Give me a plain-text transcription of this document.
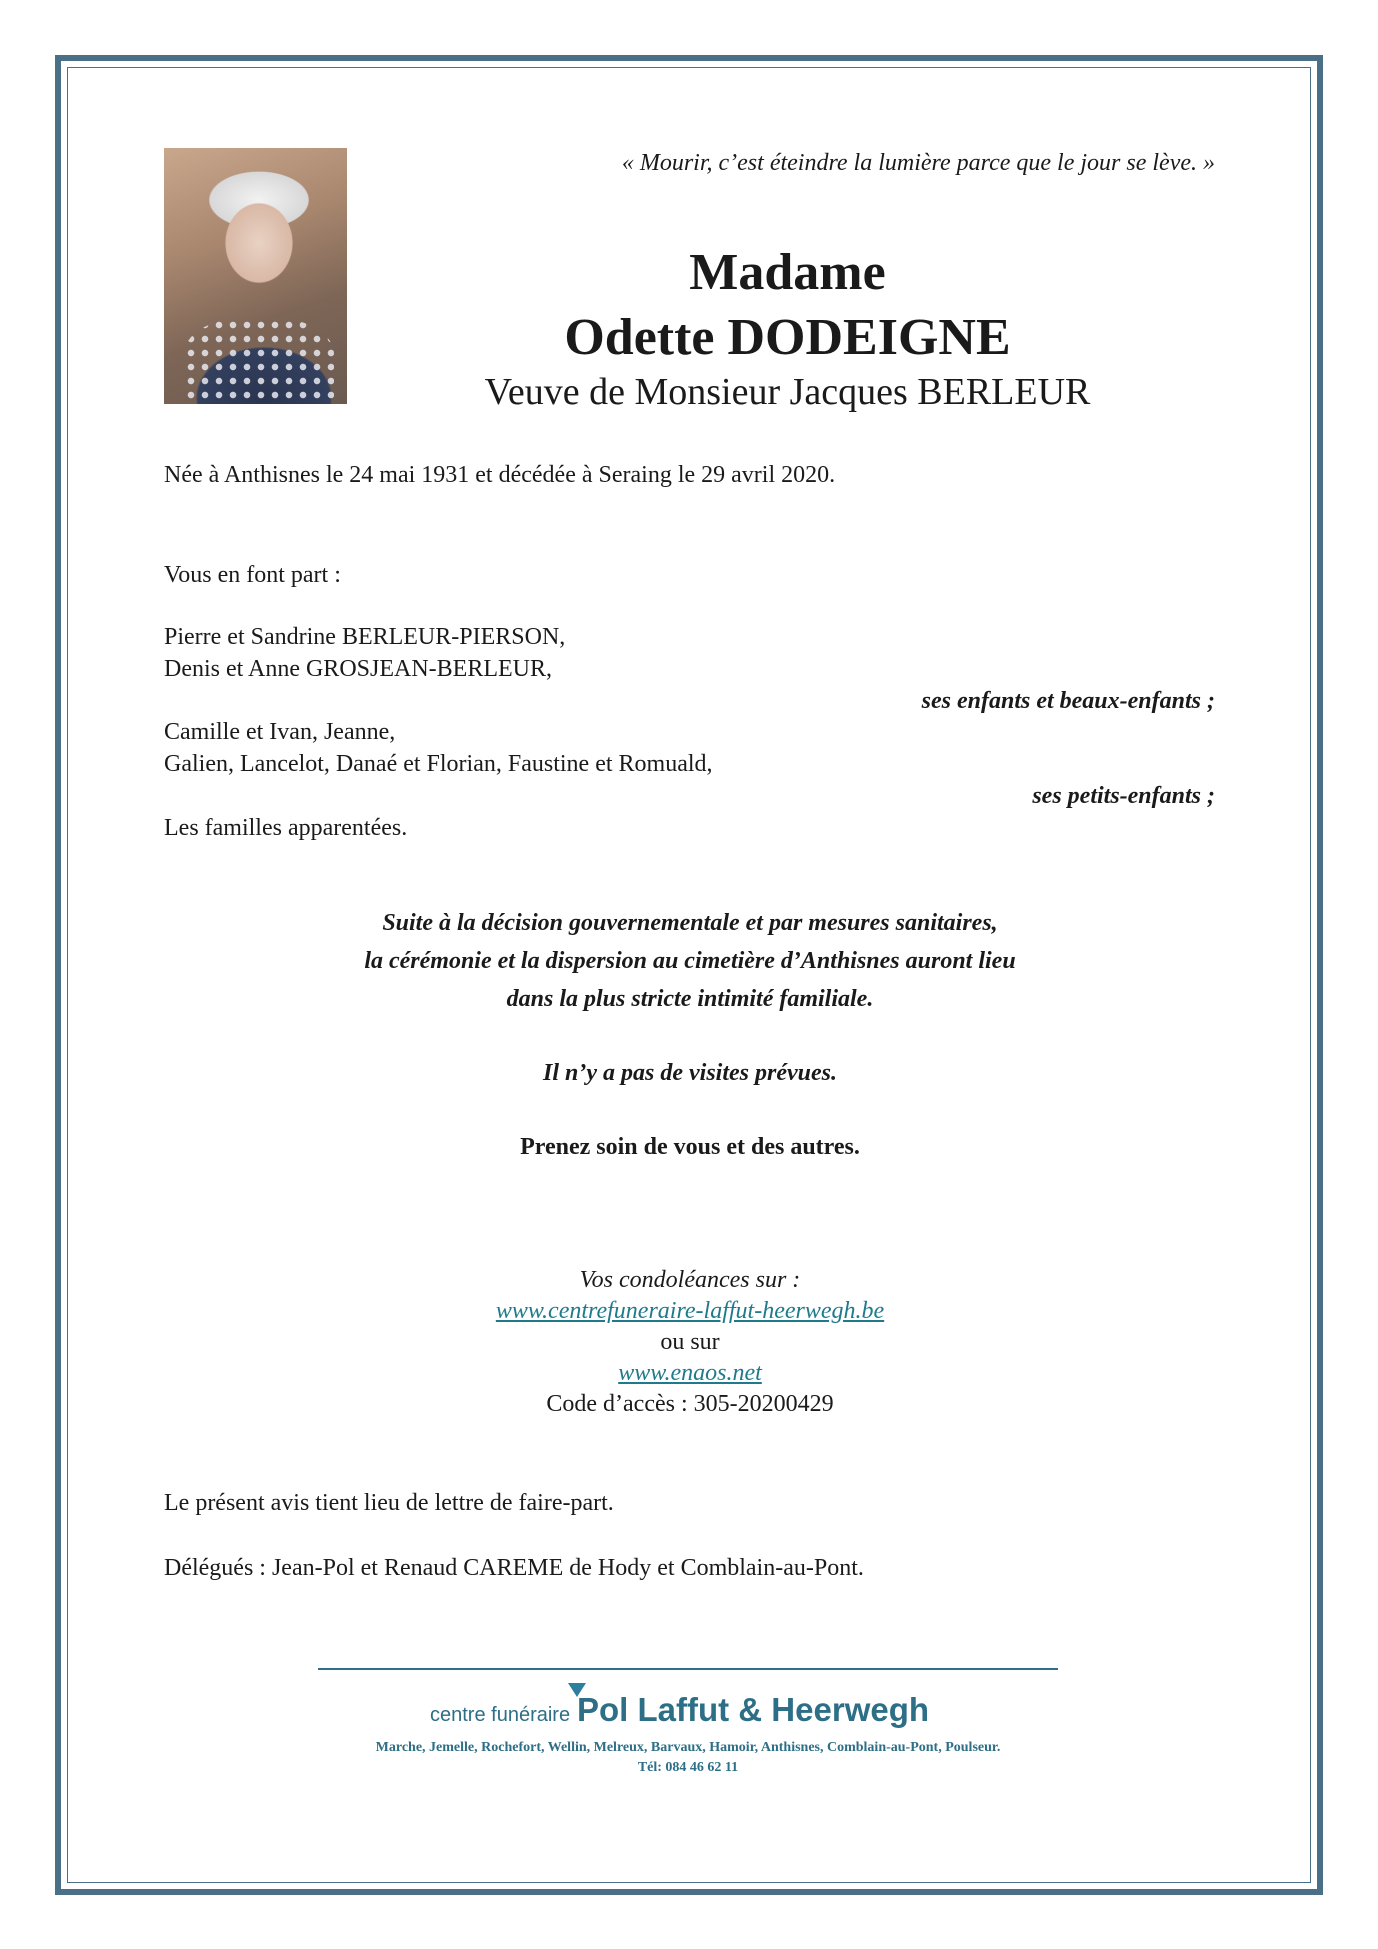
« Mourir, c’est éteindre la lumière parce que le jour se lève. »
Madame
Odette DODEIGNE
Veuve de Monsieur Jacques BERLEUR
Née à Anthisnes le 24 mai 1931 et décédée à Seraing le 29 avril 2020.
Vous en font part :
Pierre et Sandrine BERLEUR-PIERSON,
Denis et Anne GROSJEAN-BERLEUR,
ses enfants et beaux-enfants ;
Camille et Ivan, Jeanne,
Galien, Lancelot, Danaé et Florian, Faustine et Romuald,
ses petits-enfants ;
Les familles apparentées.
Suite à la décision gouvernementale et par mesures sanitaires,
la cérémonie et la dispersion au cimetière d’Anthisnes auront lieu
dans la plus stricte intimité familiale.
Il n’y a pas de visites prévues.
Prenez soin de vous et des autres.
Vos condoléances sur :
www.centrefuneraire-laffut-heerwegh.be
ou sur
www.enaos.net
Code d’accès : 305-20200429
Le présent avis tient lieu de lettre de faire-part.
Délégués : Jean-Pol et Renaud CAREME de Hody et Comblain-au-Pont.
centre funéraire Pol Laffut & Heerwegh
Marche, Jemelle, Rochefort, Wellin, Melreux, Barvaux, Hamoir, Anthisnes, Comblain-au-Pont, Poulseur.
Tél: 084 46 62 11
